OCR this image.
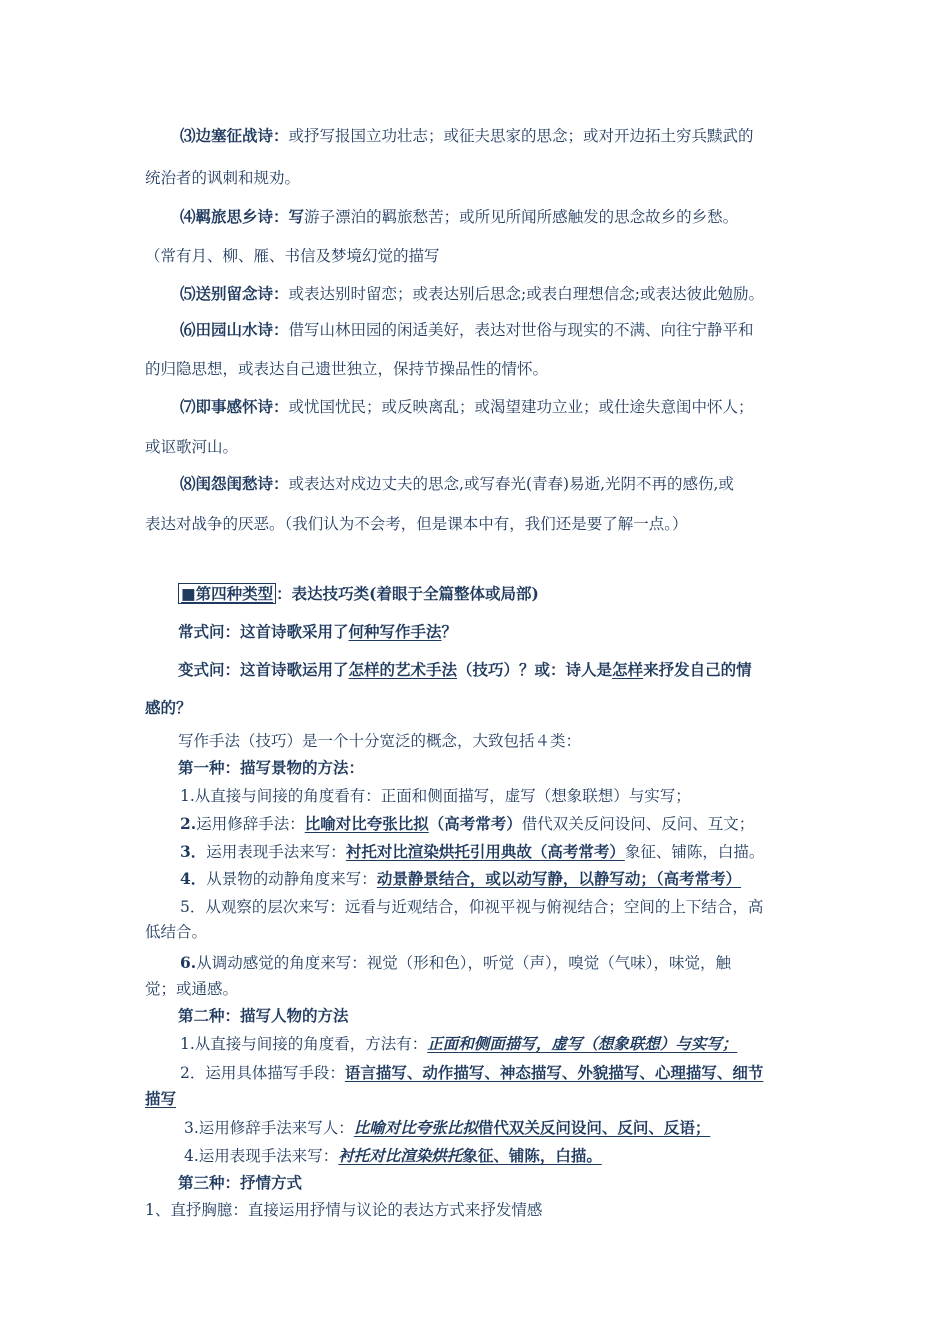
⑶边塞征战诗：或抒写报国立功壮志；或征夫思家的思念；或对开边拓土穷兵黩武的
统治者的讽刺和规劝。
⑷羁旅思乡诗：写游子漂泊的羁旅愁苦；或所见所闻所感触发的思念故乡的乡愁。
（常有月、柳、雁、书信及梦境幻觉的描写
⑸送别留念诗：或表达别时留恋；或表达别后思念;或表白理想信念;或表达彼此勉励。
⑹田园山水诗：借写山林田园的闲适美好，表达对世俗与现实的不满、向往宁静平和
的归隐思想，或表达自己遗世独立，保持节操品性的情怀。
⑺即事感怀诗：或忧国忧民；或反映离乱；或渴望建功立业；或仕途失意闺中怀人；
或讴歌河山。
⑻闺怨闺愁诗：或表达对戍边丈夫的思念,或写春光(青春)易逝,光阴不再的感伤,或
表达对战争的厌恶。（我们认为不会考，但是课本中有，我们还是要了解一点。）
■第四种类型 ：表达技巧类(着眼于全篇整体或局部)
常式问：这首诗歌采用了何种写作手法？
变式问：这首诗歌运用了怎样的艺术手法（技巧）？或：诗人是怎样来抒发自己的情
感的？
写作手法（技巧）是一个十分宽泛的概念，大致包括４类：
第一种：描写景物的方法：
1.从直接与间接的角度看有：正面和侧面描写，虚写（想象联想）与实写；
2.运用修辞手法：比喻对比夸张比拟（高考常考）借代双关反问设问、反问、互文；
3．运用表现手法来写：衬托对比渲染烘托引用典故（高考常考）象征、铺陈，白描。
4．从景物的动静角度来写：动景静景结合，或以动写静，以静写动；（高考常考）
5．从观察的层次来写：远看与近观结合，仰视平视与俯视结合；空间的上下结合，高
低结合。
6.从调动感觉的角度来写：视觉（形和色），听觉（声），嗅觉（气味），味觉，触
觉；或通感。
第二种：描写人物的方法
1.从直接与间接的角度看，方法有：正面和侧面描写，虚写（想象联想）与实写；
2．运用具体描写手段：语言描写、动作描写、神态描写、外貌描写、心理描写、细节
描写
3.运用修辞手法来写人：比喻对比夸张比拟借代双关反问设问、反问、反语；
4.运用表现手法来写：衬托对比渲染烘托象征、铺陈，白描。
第三种：抒情方式
1、直抒胸臆：直接运用抒情与议论的表达方式来抒发情感
